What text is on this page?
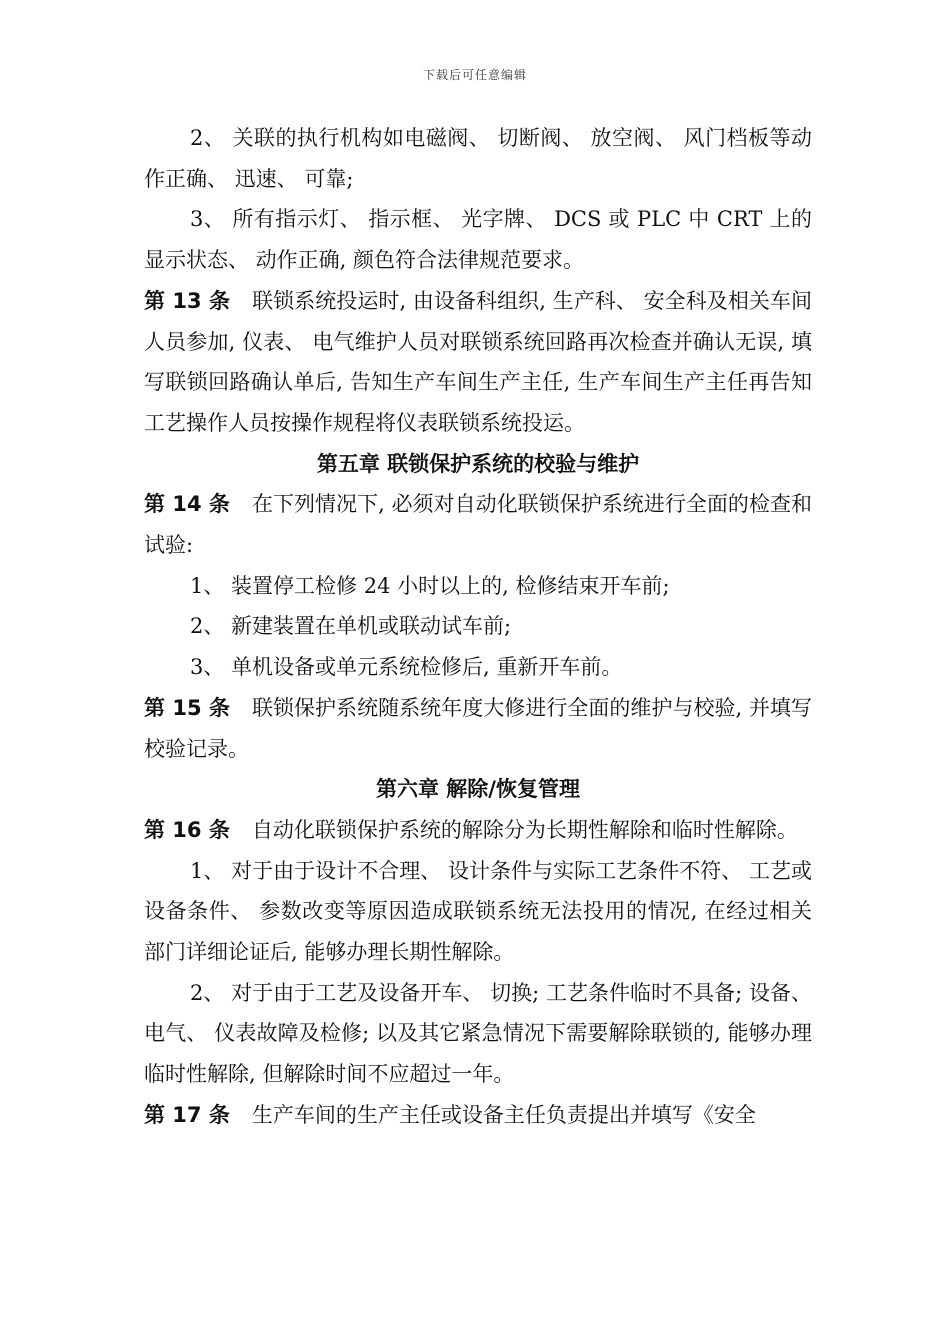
下载后可任意编辑

2、 关联的执行机构如电磁阀、 切断阀、 放空阀、 风门档板等动作正确、 迅速、 可靠;

3、 所有指示灯、 指示框、 光字牌、 DCS 或 PLC 中 CRT 上的显示状态、 动作正确, 颜色符合法律规范要求。

第 13 条 联锁系统投运时, 由设备科组织, 生产科、 安全科及相关车间人员参加, 仪表、 电气维护人员对联锁系统回路再次检查并确认无误, 填写联锁回路确认单后, 告知生产车间生产主任, 生产车间生产主任再告知工艺操作人员按操作规程将仪表联锁系统投运。

第五章 联锁保护系统的校验与维护

第 14 条 在下列情况下, 必须对自动化联锁保护系统进行全面的检查和试验:

1、 装置停工检修 24 小时以上的, 检修结束开车前;

2、 新建装置在单机或联动试车前;

3、 单机设备或单元系统检修后, 重新开车前。

第 15 条 联锁保护系统随系统年度大修进行全面的维护与校验, 并填写校验记录。

第六章 解除/恢复管理

第 16 条 自动化联锁保护系统的解除分为长期性解除和临时性解除。

1、 对于由于设计不合理、 设计条件与实际工艺条件不符、 工艺或设备条件、 参数改变等原因造成联锁系统无法投用的情况, 在经过相关部门详细论证后, 能够办理长期性解除。

2、 对于由于工艺及设备开车、 切换; 工艺条件临时不具备; 设备、 电气、 仪表故障及检修; 以及其它紧急情况下需要解除联锁的, 能够办理临时性解除, 但解除时间不应超过一年。

第 17 条 生产车间的生产主任或设备主任负责提出并填写《安全
